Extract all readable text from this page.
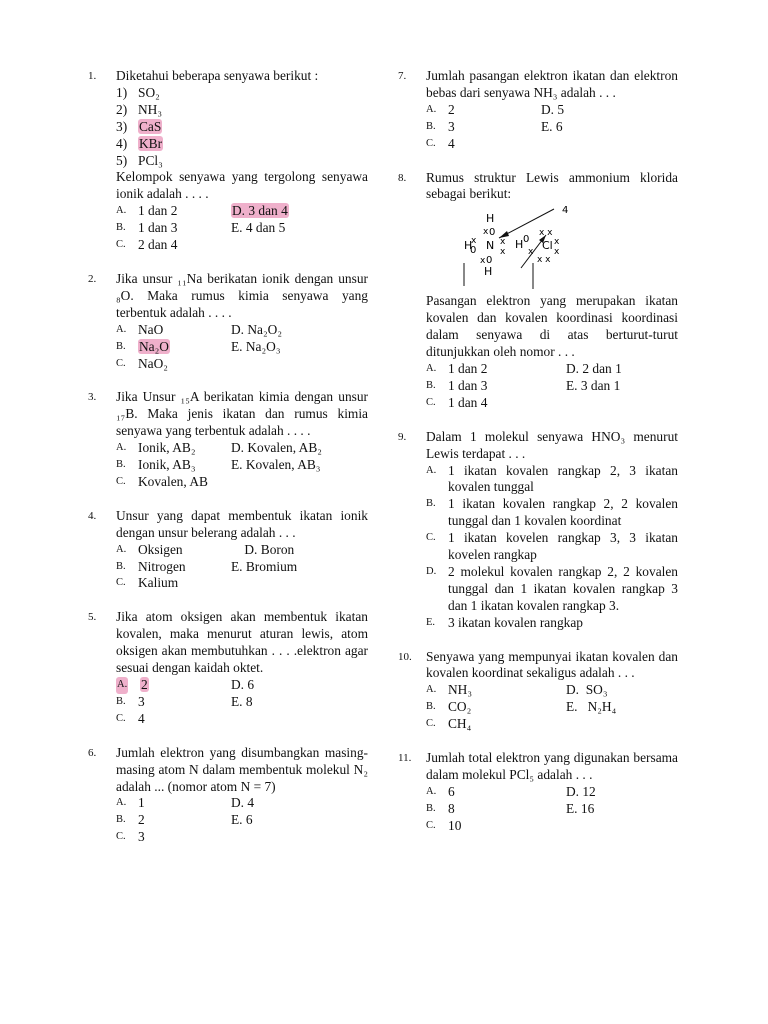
1. Diketahui beberapa senyawa berikut :
1) SO₂
2) NH₃
3) CaS
4) KBr
5) PCl₃
Kelompok senyawa yang tergolong senyawa ionik adalah . . . .
A. 1 dan 2	D. 3 dan 4
B. 1 dan 3	E. 4 dan 5
C. 2 dan 4
2. Jika unsur ₁₁Na berikatan ionik dengan unsur ₈O. Maka rumus kimia senyawa yang terbentuk adalah . . . .
A. NaO	D. Na₂O₂
B. Na₂O	E. Na₂O₃
C. NaO₂
3. Jika Unsur ₁₅A berikatan kimia dengan unsur ₁₇B. Maka jenis ikatan dan rumus kimia senyawa yang terbentuk adalah . . . .
A. Ionik, AB₂	D. Kovalen, AB₂
B. Ionik, AB₃	E. Kovalen, AB₃
C. Kovalen, AB
4. Unsur yang dapat membentuk ikatan ionik dengan unsur belerang adalah . . .
A. Oksigen	D. Boron
B. Nitrogen	E. Bromium
C. Kalium
5. Jika atom oksigen akan membentuk ikatan kovalen, maka menurut aturan lewis, atom oksigen akan membutuhkan . . . .elektron agar sesuai dengan kaidah oktet.
A. 2	D. 6
B. 3	E. 8
C. 4
6. Jumlah elektron yang disumbangkan masing-masing atom N dalam membentuk molekul N₂ adalah ... (nomor atom N = 7)
A. 1	D. 4
B. 2	E. 6
C. 3
7. Jumlah pasangan elektron ikatan dan elektron bebas dari senyawa NH₃ adalah . . .
A. 2	D. 5
B. 3	E. 6
C. 4
8. Rumus struktur Lewis ammonium klorida sebagai berikut:
H
x 0
H
x
0 N x
x
H 0
x
x x
Cl x
x
x x
x 0
H
4
Pasangan elektron yang merupakan ikatan kovalen dan kovalen koordinasi koordinasi dalam senyawa di atas berturut-turut ditunjukkan oleh nomor . . .
A. 1 dan 2	D. 2 dan 1
B. 1 dan 3	E. 3 dan 1
C. 1 dan 4
9. Dalam 1 molekul senyawa HNO₃ menurut Lewis terdapat . . .
A. 1 ikatan kovalen rangkap 2, 3 ikatan kovalen tunggal
B. 1 ikatan kovalen rangkap 2, 2 kovalen tunggal dan 1 kovalen koordinat
C. 1 ikatan kovelen rangkap 3, 3 ikatan kovelen rangkap
D. 2 molekul kovalen rangkap 2, 2 kovalen tunggal dan 1 ikatan kovalen rangkap 3 dan 1 ikatan kovalen rangkap 3.
E. 3 ikatan kovalen rangkap
10. Senyawa yang mempunyai ikatan kovalen dan kovalen koordinat sekaligus adalah . . .
A. NH₃	D.  SO₃
B. CO₂	E.   N₂H₄
C. CH₄
11. Jumlah total elektron yang digunakan bersama dalam molekul PCl₅ adalah . . .
A. 6	D. 12
B. 8	E. 16
C. 10
